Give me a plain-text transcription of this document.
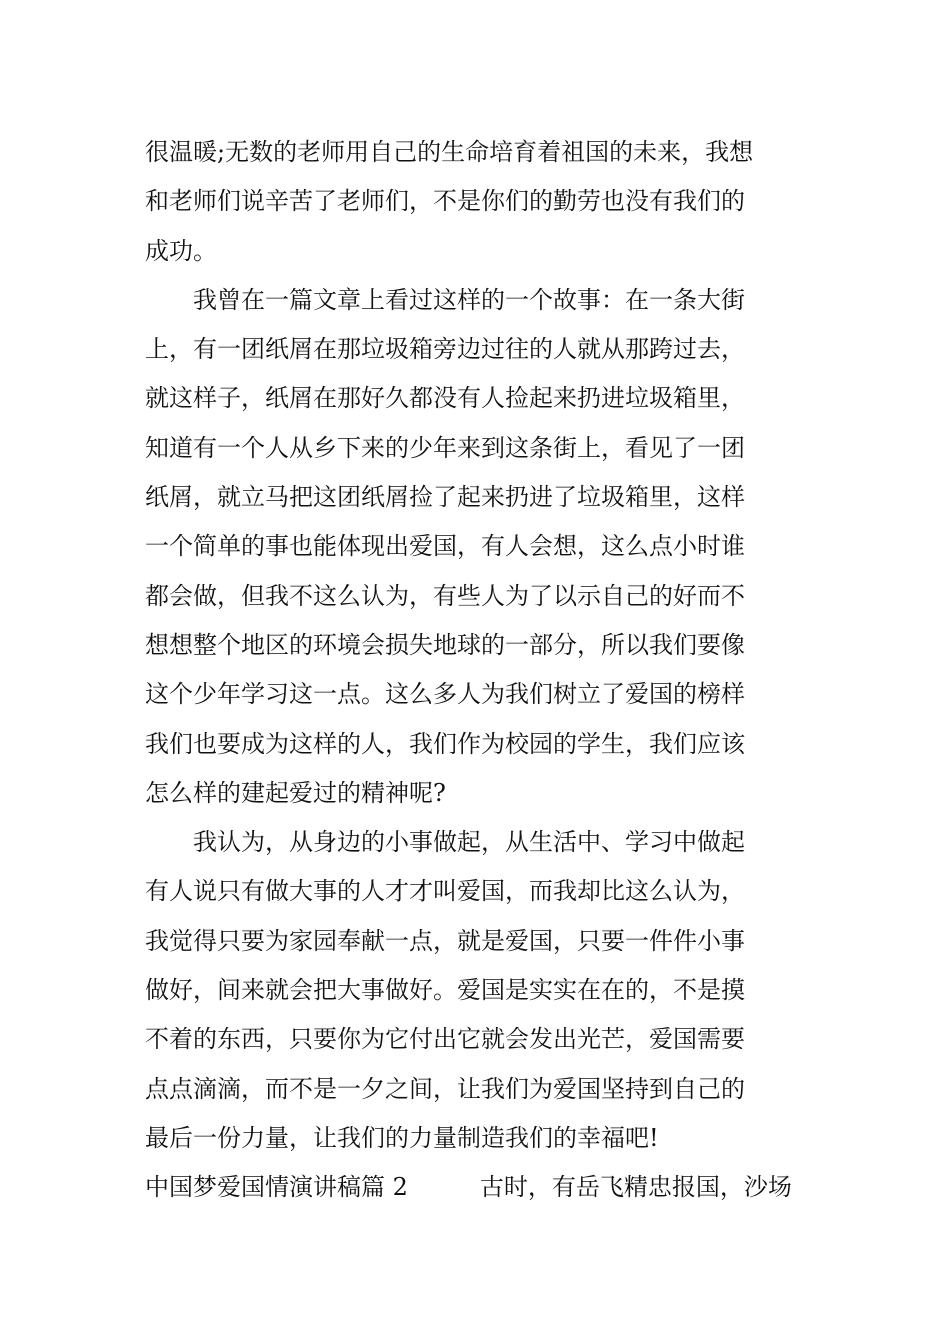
很温暖;无数的老师用自己的生命培育着祖国的未来，我想
和老师们说辛苦了老师们，不是你们的勤劳也没有我们的
成功。
　　我曾在一篇文章上看过这样的一个故事：在一条大街
上，有一团纸屑在那垃圾箱旁边过往的人就从那跨过去，
就这样子，纸屑在那好久都没有人捡起来扔进垃圾箱里，
知道有一个人从乡下来的少年来到这条街上，看见了一团
纸屑，就立马把这团纸屑捡了起来扔进了垃圾箱里，这样
一个简单的事也能体现出爱国，有人会想，这么点小时谁
都会做，但我不这么认为，有些人为了以示自己的好而不
想想整个地区的环境会损失地球的一部分，所以我们要像
这个少年学习这一点。这么多人为我们树立了爱国的榜样
我们也要成为这样的人，我们作为校园的学生，我们应该
怎么样的建起爱过的精神呢?
　　我认为，从身边的小事做起，从生活中、学习中做起
有人说只有做大事的人才才叫爱国，而我却比这么认为，
我觉得只要为家园奉献一点，就是爱国，只要一件件小事
做好，间来就会把大事做好。爱国是实实在在的，不是摸
不着的东西，只要你为它付出它就会发出光芒，爱国需要
点点滴滴，而不是一夕之间，让我们为爱国坚持到自己的
最后一份力量，让我们的力量制造我们的幸福吧!
中国梦爱国情演讲稿篇 2　　　古时，有岳飞精忠报国，沙场
